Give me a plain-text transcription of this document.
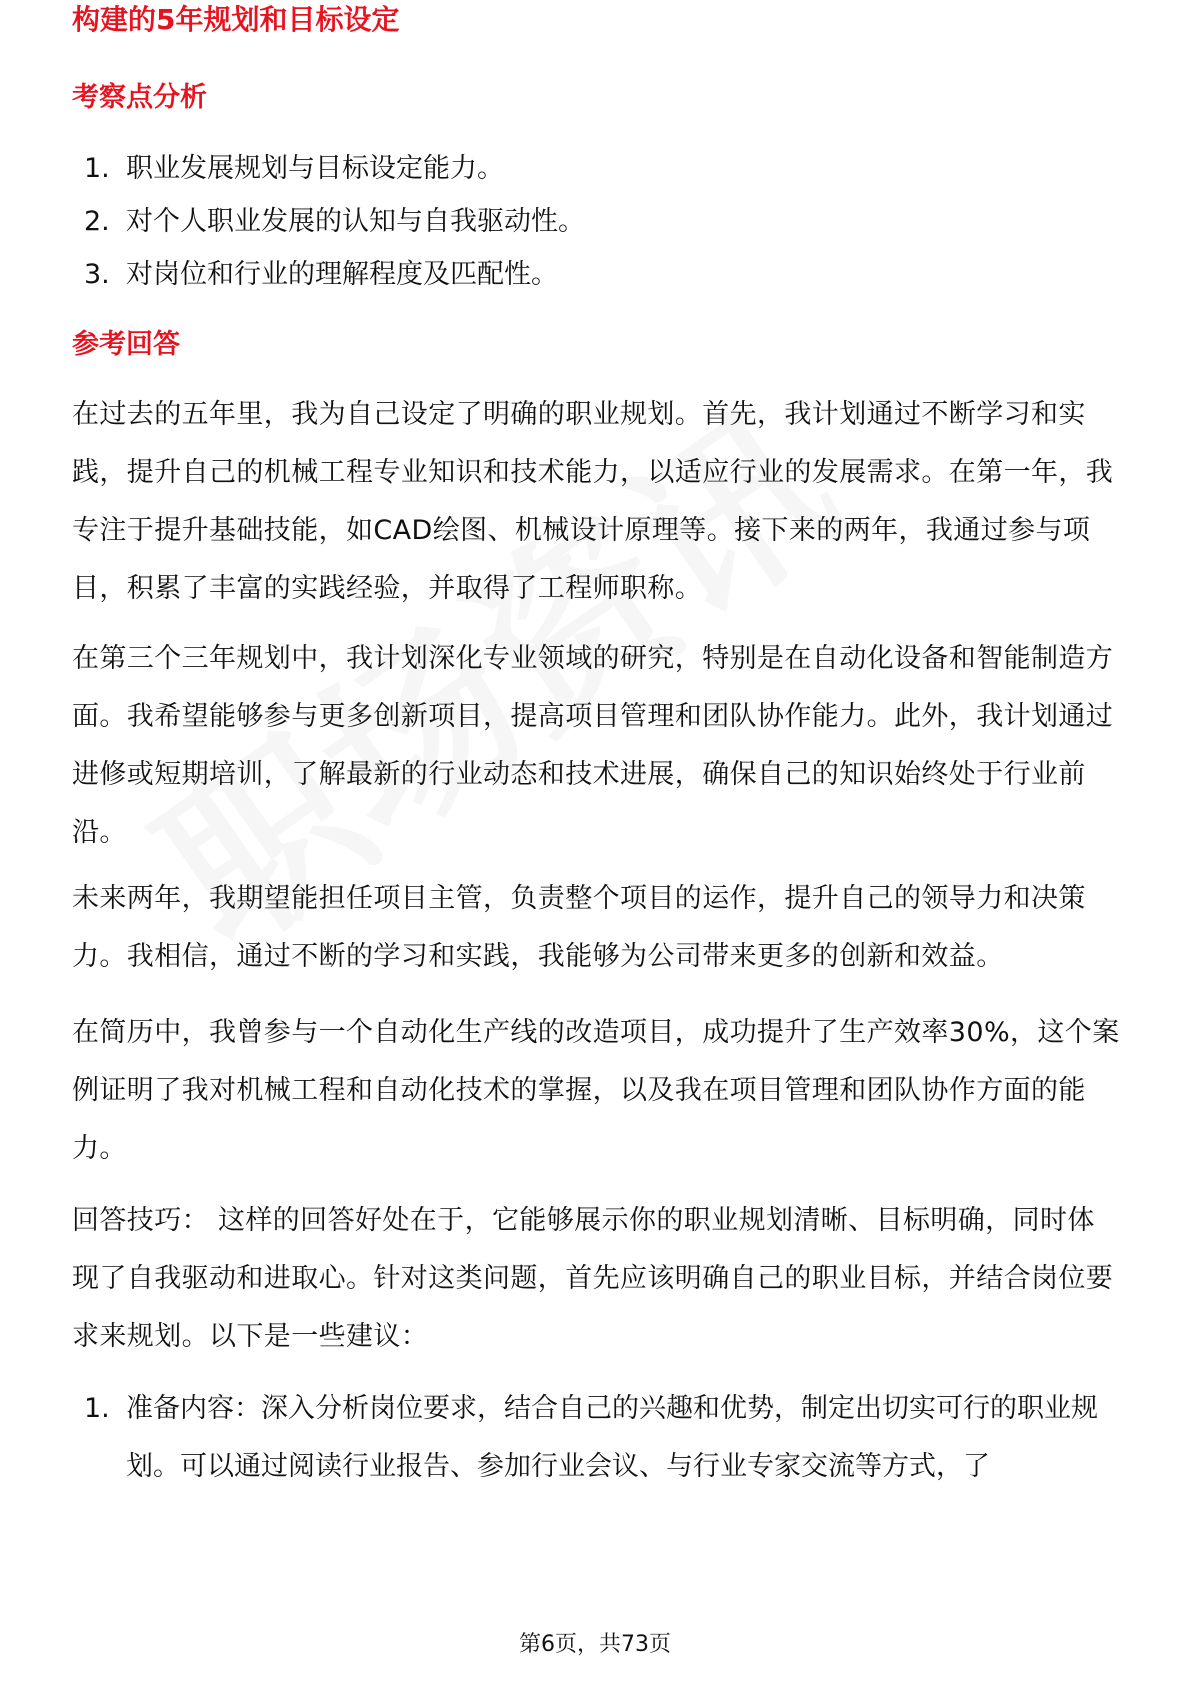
构建的5年规划和目标设定
考察点分析
1. 职业发展规划与目标设定能力。
2. 对个人职业发展的认知与自我驱动性。
3. 对岗位和行业的理解程度及匹配性。
参考回答
在过去的五年里，我为自己设定了明确的职业规划。首先，我计划通过不断学习和实践，提升自己的机械工程专业知识和技术能力，以适应行业的发展需求。在第一年，我专注于提升基础技能，如CAD绘图、机械设计原理等。接下来的两年，我通过参与项目，积累了丰富的实践经验，并取得了工程师职称。
在第三个三年规划中，我计划深化专业领域的研究，特别是在自动化设备和智能制造方面。我希望能够参与更多创新项目，提高项目管理和团队协作能力。此外，我计划通过进修或短期培训，了解最新的行业动态和技术进展，确保自己的知识始终处于行业前沿。
未来两年，我期望能担任项目主管，负责整个项目的运作，提升自己的领导力和决策力。我相信，通过不断的学习和实践，我能够为公司带来更多的创新和效益。
在简历中，我曾参与一个自动化生产线的改造项目，成功提升了生产效率30%，这个案例证明了我对机械工程和自动化技术的掌握，以及我在项目管理和团队协作方面的能力。
回答技巧： 这样的回答好处在于，它能够展示你的职业规划清晰、目标明确，同时体现了自我驱动和进取心。针对这类问题，首先应该明确自己的职业目标，并结合岗位要求来规划。以下是一些建议：
1. 准备内容：深入分析岗位要求，结合自己的兴趣和优势，制定出切实可行的职业规划。可以通过阅读行业报告、参加行业会议、与行业专家交流等方式，了
第6页，共73页
